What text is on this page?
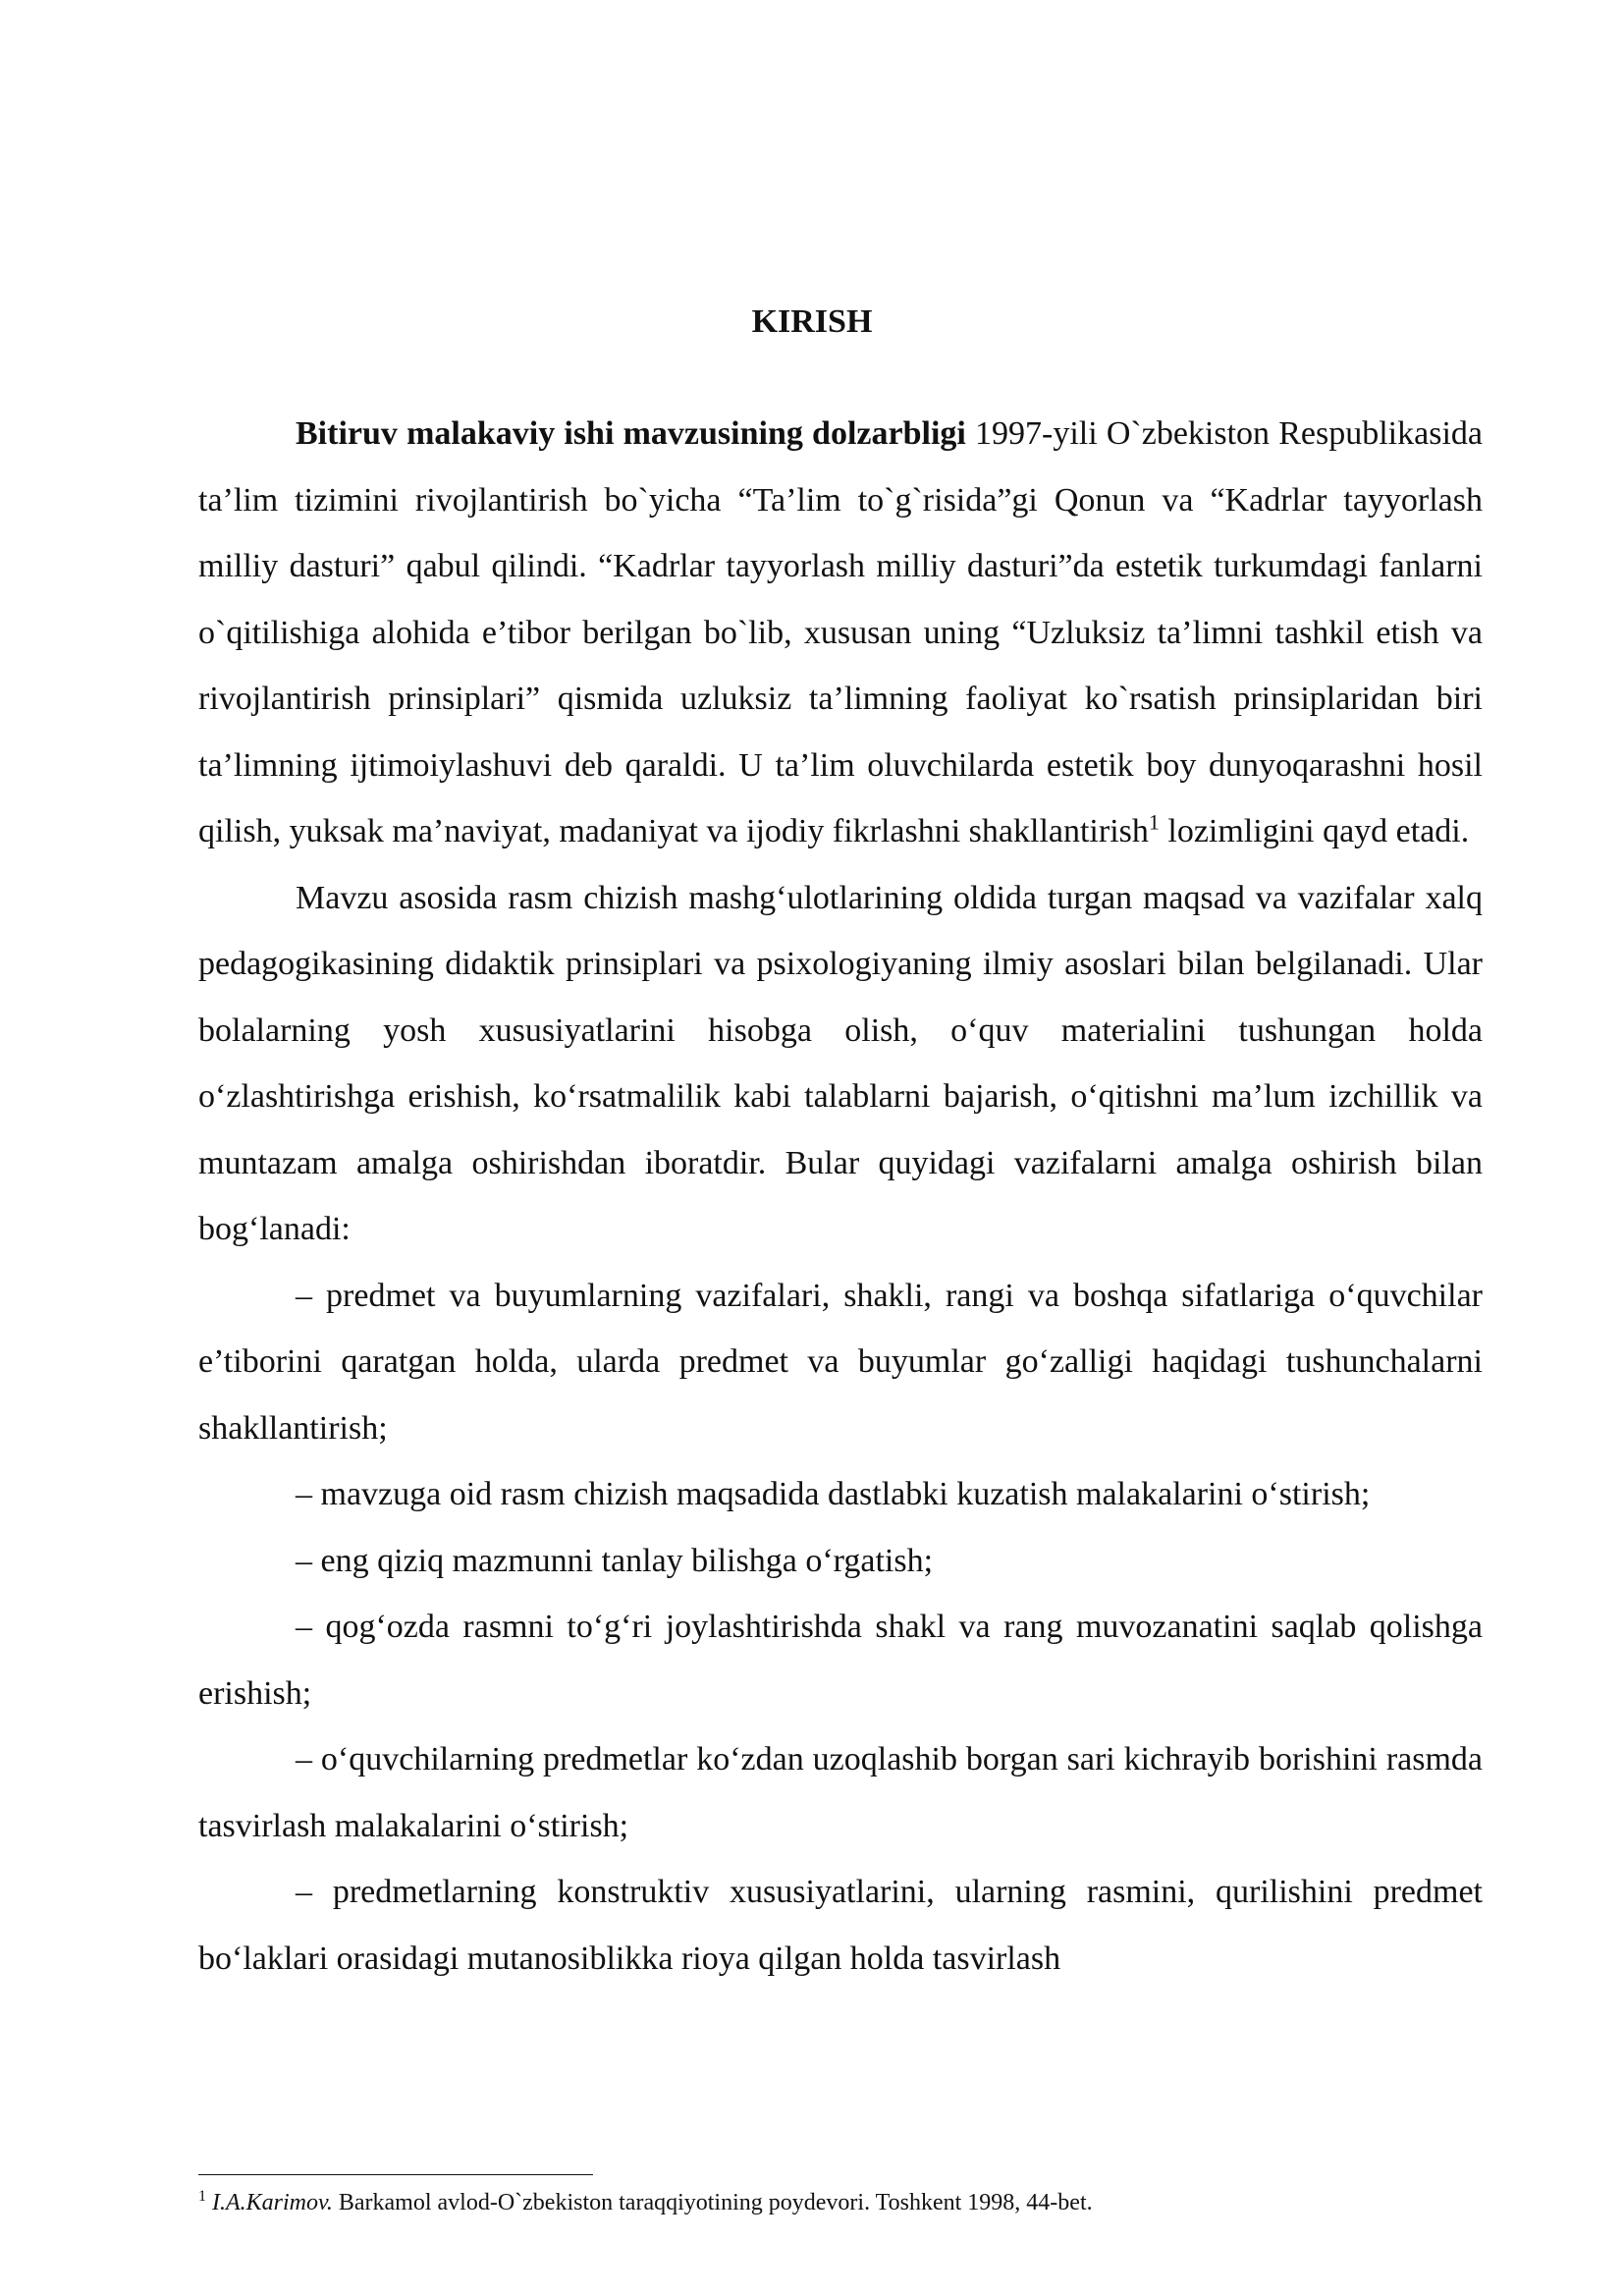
KIRISH

Bitiruv malakaviy ishi mavzusining dolzarbligi 1997-yili O`zbekiston Respublikasida ta’lim tizimini rivojlantirish bo`yicha “Ta’lim to`g`risida”gi Qonun va “Kadrlar tayyorlash milliy dasturi” qabul qilindi. “Kadrlar tayyorlash milliy dasturi”da estetik turkumdagi fanlarni o`qitilishiga alohida e’tibor berilgan bo`lib, xususan uning “Uzluksiz ta’limni tashkil etish va rivojlantirish prinsiplari” qismida uzluksiz ta’limning faoliyat ko`rsatish prinsiplaridan biri ta’limning ijtimoiylashuvi deb qaraldi. U ta’lim oluvchilarda estetik boy dunyoqarashni hosil qilish, yuksak ma’naviyat, madaniyat va ijodiy fikrlashni shakllantirish$^1$ lozimligini qayd etadi.

Mavzu asosida rasm chizish mashg‘ulotlarining oldida turgan maqsad va vazifalar xalq pedagogikasining didaktik prinsiplari va psixologiyaning ilmiy asoslari bilan belgilanadi. Ular bolalarning yosh xususiyatlarini hisobga olish, o‘quv materialini tushungan holda o‘zlashtirishga erishish, ko‘rsatmalilik kabi talablarni bajarish, o‘qitishni ma’lum izchillik va muntazam amalga oshirishdan iboratdir. Bular quyidagi vazifalarni amalga oshirish bilan bog‘lanadi:

– predmet va buyumlarning vazifalari, shakli, rangi va boshqa sifatlariga o‘quvchilar e’tiborini qaratgan holda, ularda predmet va buyumlar go‘zalligi haqidagi tushunchalarni shakllantirish;

– mavzuga oid rasm chizish maqsadida dastlabki kuzatish malakalarini o‘stirish;

– eng qiziq mazmunni tanlay bilishga o‘rgatish;

– qog‘ozda rasmni to‘g‘ri joylashtirishda shakl va rang muvozanatini saqlab qolishga erishish;

– o‘quvchilarning predmetlar ko‘zdan uzoqlashib borgan sari kichrayib borishini rasmda tasvirlash malakalarini o‘stirish;

– predmetlarning konstruktiv xususiyatlarini, ularning rasmini, qurilishini predmet bo‘laklari orasidagi mutanosiblikka rioya qilgan holda tasvirlash

$^1$ I.A.Karimov. Barkamol avlod-O`zbekiston taraqqiyotining poydevori. Toshkent 1998, 44-bet.
